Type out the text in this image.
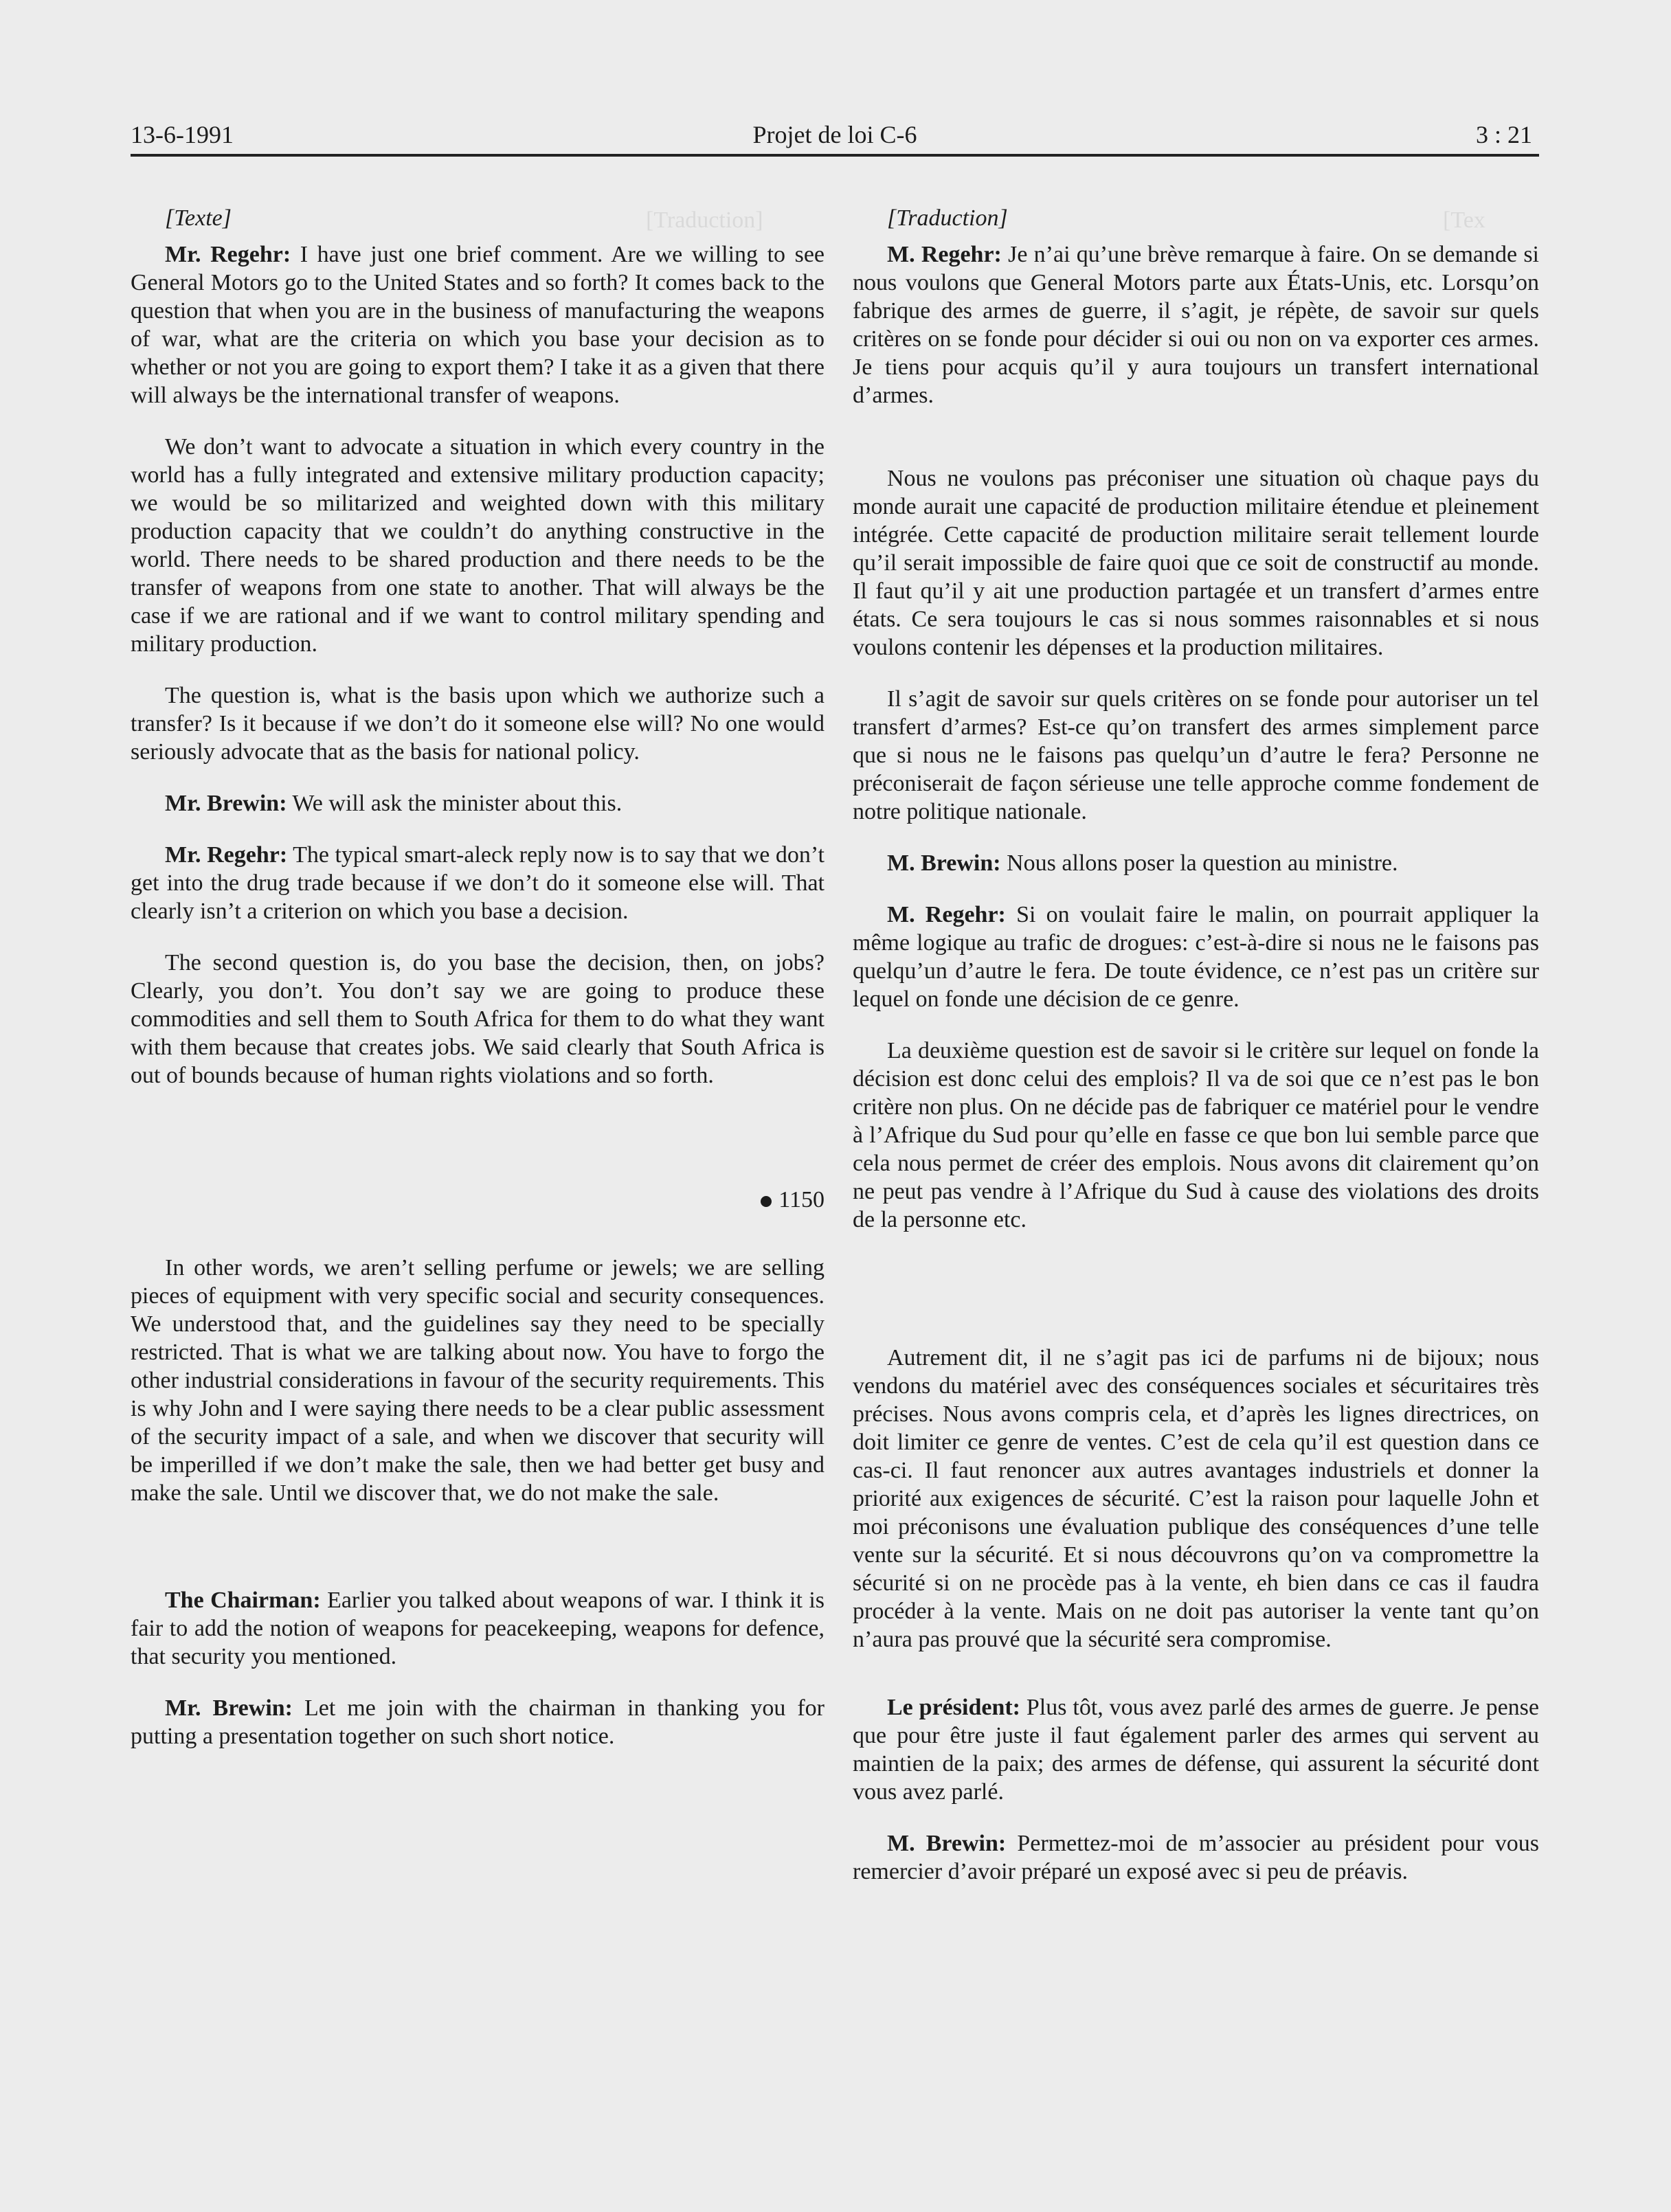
[Traduction]	[Tex
13-6-1991	Projet de loi C-6	3 : 21

[Texte]

Mr. Regehr: I have just one brief comment. Are we willing to see General Motors go to the United States and so forth? It comes back to the question that when you are in the business of manufacturing the weapons of war, what are the criteria on which you base your decision as to whether or not you are going to export them? I take it as a given that there will always be the international transfer of weapons.

We don’t want to advocate a situation in which every country in the world has a fully integrated and extensive military production capacity; we would be so militarized and weighted down with this military production capacity that we couldn’t do anything constructive in the world. There needs to be shared production and there needs to be the transfer of weapons from one state to another. That will always be the case if we are rational and if we want to control military spending and military production.

The question is, what is the basis upon which we authorize such a transfer? Is it because if we don’t do it someone else will? No one would seriously advocate that as the basis for national policy.

Mr. Brewin: We will ask the minister about this.

Mr. Regehr: The typical smart-aleck reply now is to say that we don’t get into the drug trade because if we don’t do it someone else will. That clearly isn’t a criterion on which you base a decision.

The second question is, do you base the decision, then, on jobs? Clearly, you don’t. You don’t say we are going to produce these commodities and sell them to South Africa for them to do what they want with them because that creates jobs. We said clearly that South Africa is out of bounds because of human rights violations and so forth.

1150

In other words, we aren’t selling perfume or jewels; we are selling pieces of equipment with very specific social and security consequences. We understood that, and the guidelines say they need to be specially restricted. That is what we are talking about now. You have to forgo the other industrial considerations in favour of the security requirements. This is why John and I were saying there needs to be a clear public assessment of the security impact of a sale, and when we discover that security will be imperilled if we don’t make the sale, then we had better get busy and make the sale. Until we discover that, we do not make the sale.

The Chairman: Earlier you talked about weapons of war. I think it is fair to add the notion of weapons for peacekeeping, weapons for defence, that security you mentioned.

Mr. Brewin: Let me join with the chairman in thanking you for putting a presentation together on such short notice.

[Traduction]

M. Regehr: Je n’ai qu’une brève remarque à faire. On se demande si nous voulons que General Motors parte aux États-Unis, etc. Lorsqu’on fabrique des armes de guerre, il s’agit, je répète, de savoir sur quels critères on se fonde pour décider si oui ou non on va exporter ces armes. Je tiens pour acquis qu’il y aura toujours un transfert international d’armes.

Nous ne voulons pas préconiser une situation où chaque pays du monde aurait une capacité de production militaire étendue et pleinement intégrée. Cette capacité de production militaire serait tellement lourde qu’il serait impossible de faire quoi que ce soit de constructif au monde. Il faut qu’il y ait une production partagée et un transfert d’armes entre états. Ce sera toujours le cas si nous sommes raisonnables et si nous voulons contenir les dépenses et la production militaires.

Il s’agit de savoir sur quels critères on se fonde pour autoriser un tel transfert d’armes? Est-ce qu’on transfert des armes simplement parce que si nous ne le faisons pas quelqu’un d’autre le fera? Personne ne préconiserait de façon sérieuse une telle approche comme fondement de notre politique nationale.

M. Brewin: Nous allons poser la question au ministre.

M. Regehr: Si on voulait faire le malin, on pourrait appliquer la même logique au trafic de drogues: c’est-à-dire si nous ne le faisons pas quelqu’un d’autre le fera. De toute évidence, ce n’est pas un critère sur lequel on fonde une décision de ce genre.

La deuxième question est de savoir si le critère sur lequel on fonde la décision est donc celui des emplois? Il va de soi que ce n’est pas le bon critère non plus. On ne décide pas de fabriquer ce matériel pour le vendre à l’Afrique du Sud pour qu’elle en fasse ce que bon lui semble parce que cela nous permet de créer des emplois. Nous avons dit clairement qu’on ne peut pas vendre à l’Afrique du Sud à cause des violations des droits de la personne etc.

Autrement dit, il ne s’agit pas ici de parfums ni de bijoux; nous vendons du matériel avec des conséquences sociales et sécuritaires très précises. Nous avons compris cela, et d’après les lignes directrices, on doit limiter ce genre de ventes. C’est de cela qu’il est question dans ce cas-ci. Il faut renoncer aux autres avantages industriels et donner la priorité aux exigences de sécurité. C’est la raison pour laquelle John et moi préconisons une évaluation publique des conséquences d’une telle vente sur la sécurité. Et si nous découvrons qu’on va compromettre la sécurité si on ne procède pas à la vente, eh bien dans ce cas il faudra procéder à la vente. Mais on ne doit pas autoriser la vente tant qu’on n’aura pas prouvé que la sécurité sera compromise.

Le président: Plus tôt, vous avez parlé des armes de guerre. Je pense que pour être juste il faut également parler des armes qui servent au maintien de la paix; des armes de défense, qui assurent la sécurité dont vous avez parlé.

M. Brewin: Permettez-moi de m’associer au président pour vous remercier d’avoir préparé un exposé avec si peu de préavis.
